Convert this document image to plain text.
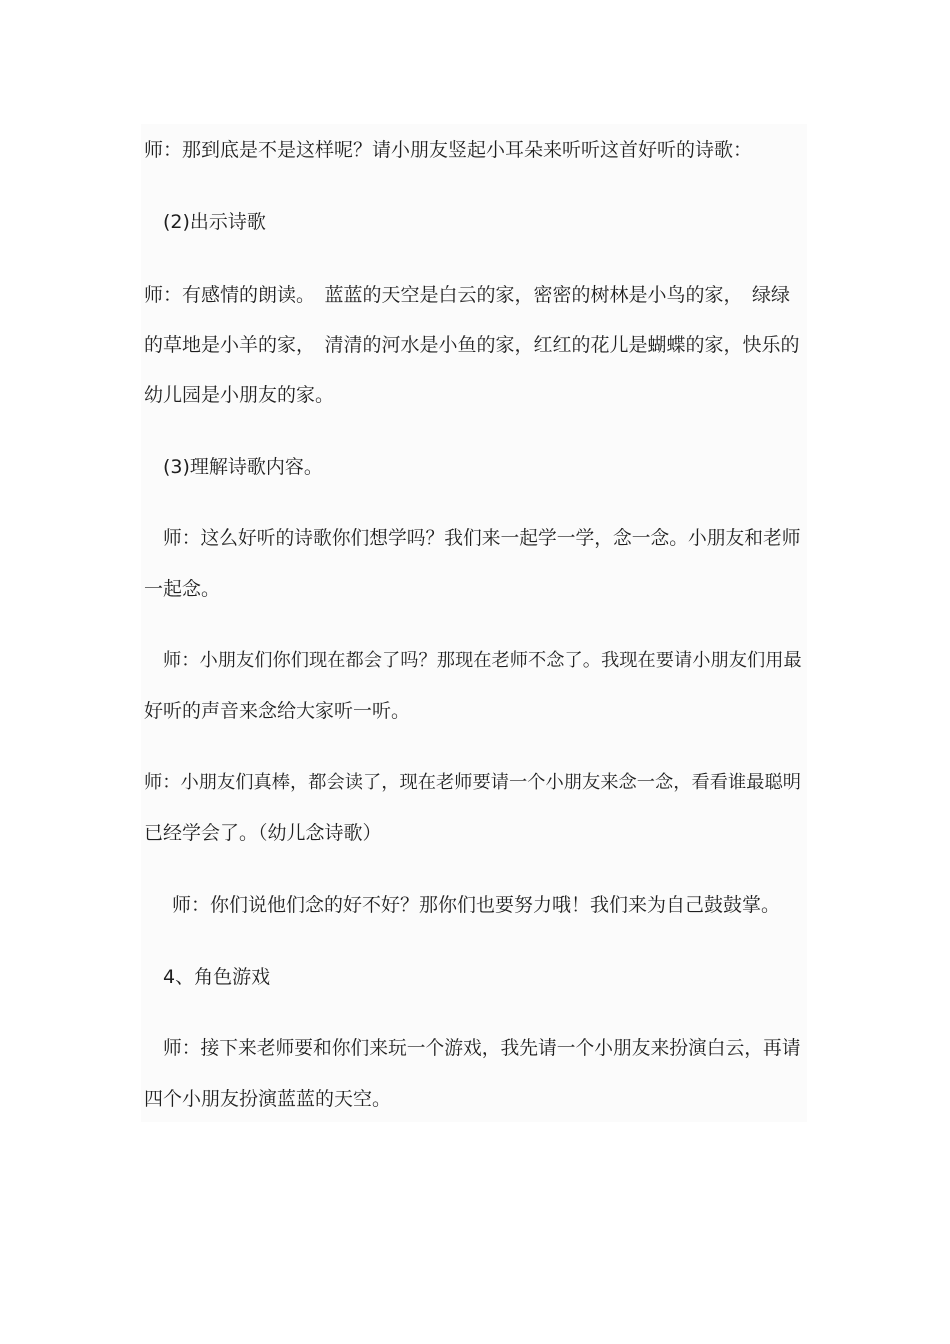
师：那到底是不是这样呢？请小朋友竖起小耳朵来听听这首好听的诗歌：
(2)出示诗歌
师：有感情的朗读。　蓝蓝的天空是白云的家，密密的树林是小鸟的家，　绿绿
的草地是小羊的家，　清清的河水是小鱼的家，红红的花儿是蝴蝶的家，快乐的
幼儿园是小朋友的家。
(3)理解诗歌内容。
师：这么好听的诗歌你们想学吗？我们来一起学一学，念一念。小朋友和老师
一起念。
师：小朋友们你们现在都会了吗？那现在老师不念了。我现在要请小朋友们用最
好听的声音来念给大家听一听。
师：小朋友们真棒，都会读了，现在老师要请一个小朋友来念一念，看看谁最聪明
已经学会了。（幼儿念诗歌）
师：你们说他们念的好不好？那你们也要努力哦！我们来为自己鼓鼓掌。
4、角色游戏
师：接下来老师要和你们来玩一个游戏，我先请一个小朋友来扮演白云，再请
四个小朋友扮演蓝蓝的天空。
